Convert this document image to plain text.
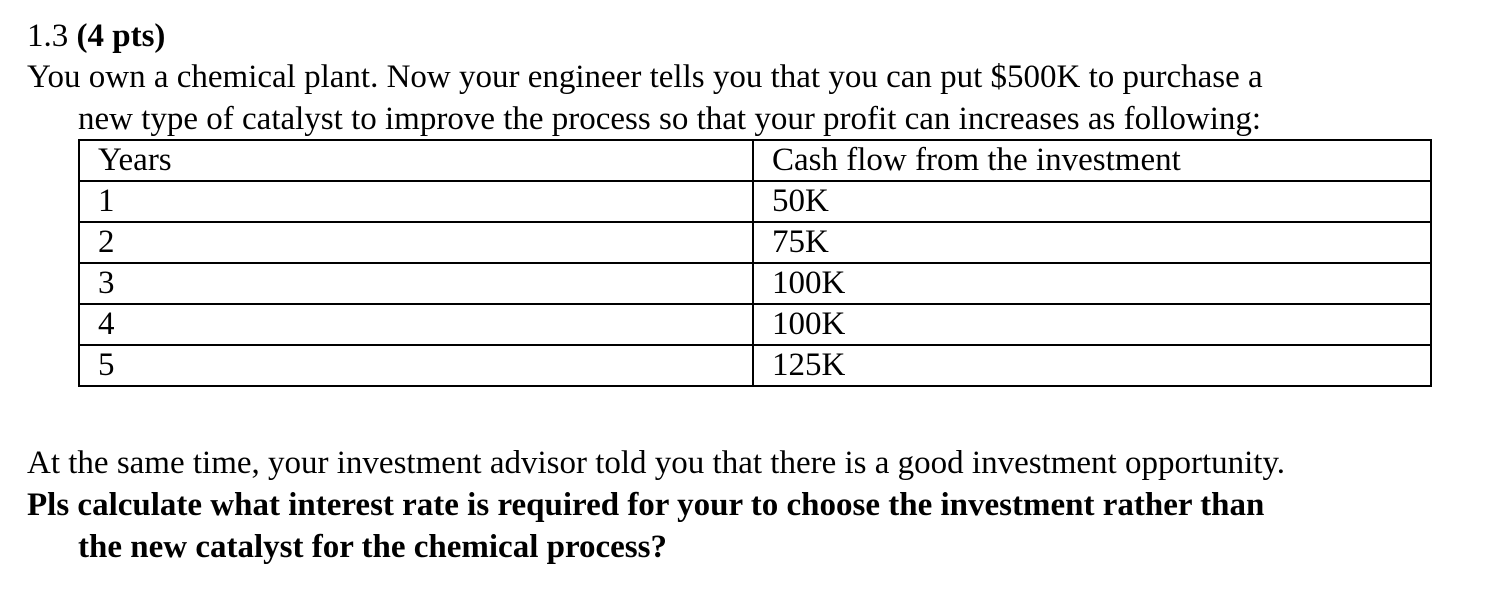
1.3 (4 pts)
You own a chemical plant. Now your engineer tells you that you can put $500K to purchase a
new type of catalyst to improve the process so that your profit can increases as following:
Years	Cash flow from the investment
1	50K
2	75K
3	100K
4	100K
5	125K
At the same time, your investment advisor told you that there is a good investment opportunity.
Pls calculate what interest rate is required for your to choose the investment rather than
the new catalyst for the chemical process?
